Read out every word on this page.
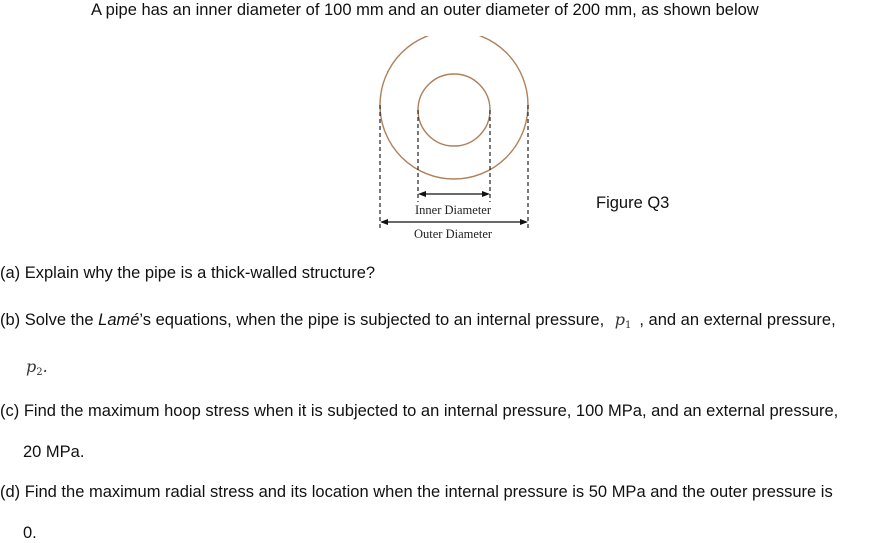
A pipe has an inner diameter of 100 mm and an outer diameter of 200 mm, as shown below
Inner Diameter
Outer Diameter
Figure Q3
(a) Explain why the pipe is a thick-walled structure?
(b) Solve the Lamé’s equations, when the pipe is subjected to an internal pressure, $p_1$ , and an external pressure,
$p_2$.
(c) Find the maximum hoop stress when it is subjected to an internal pressure, 100 MPa, and an external pressure,
20 MPa.
(d) Find the maximum radial stress and its location when the internal pressure is 50 MPa and the outer pressure is
0.
